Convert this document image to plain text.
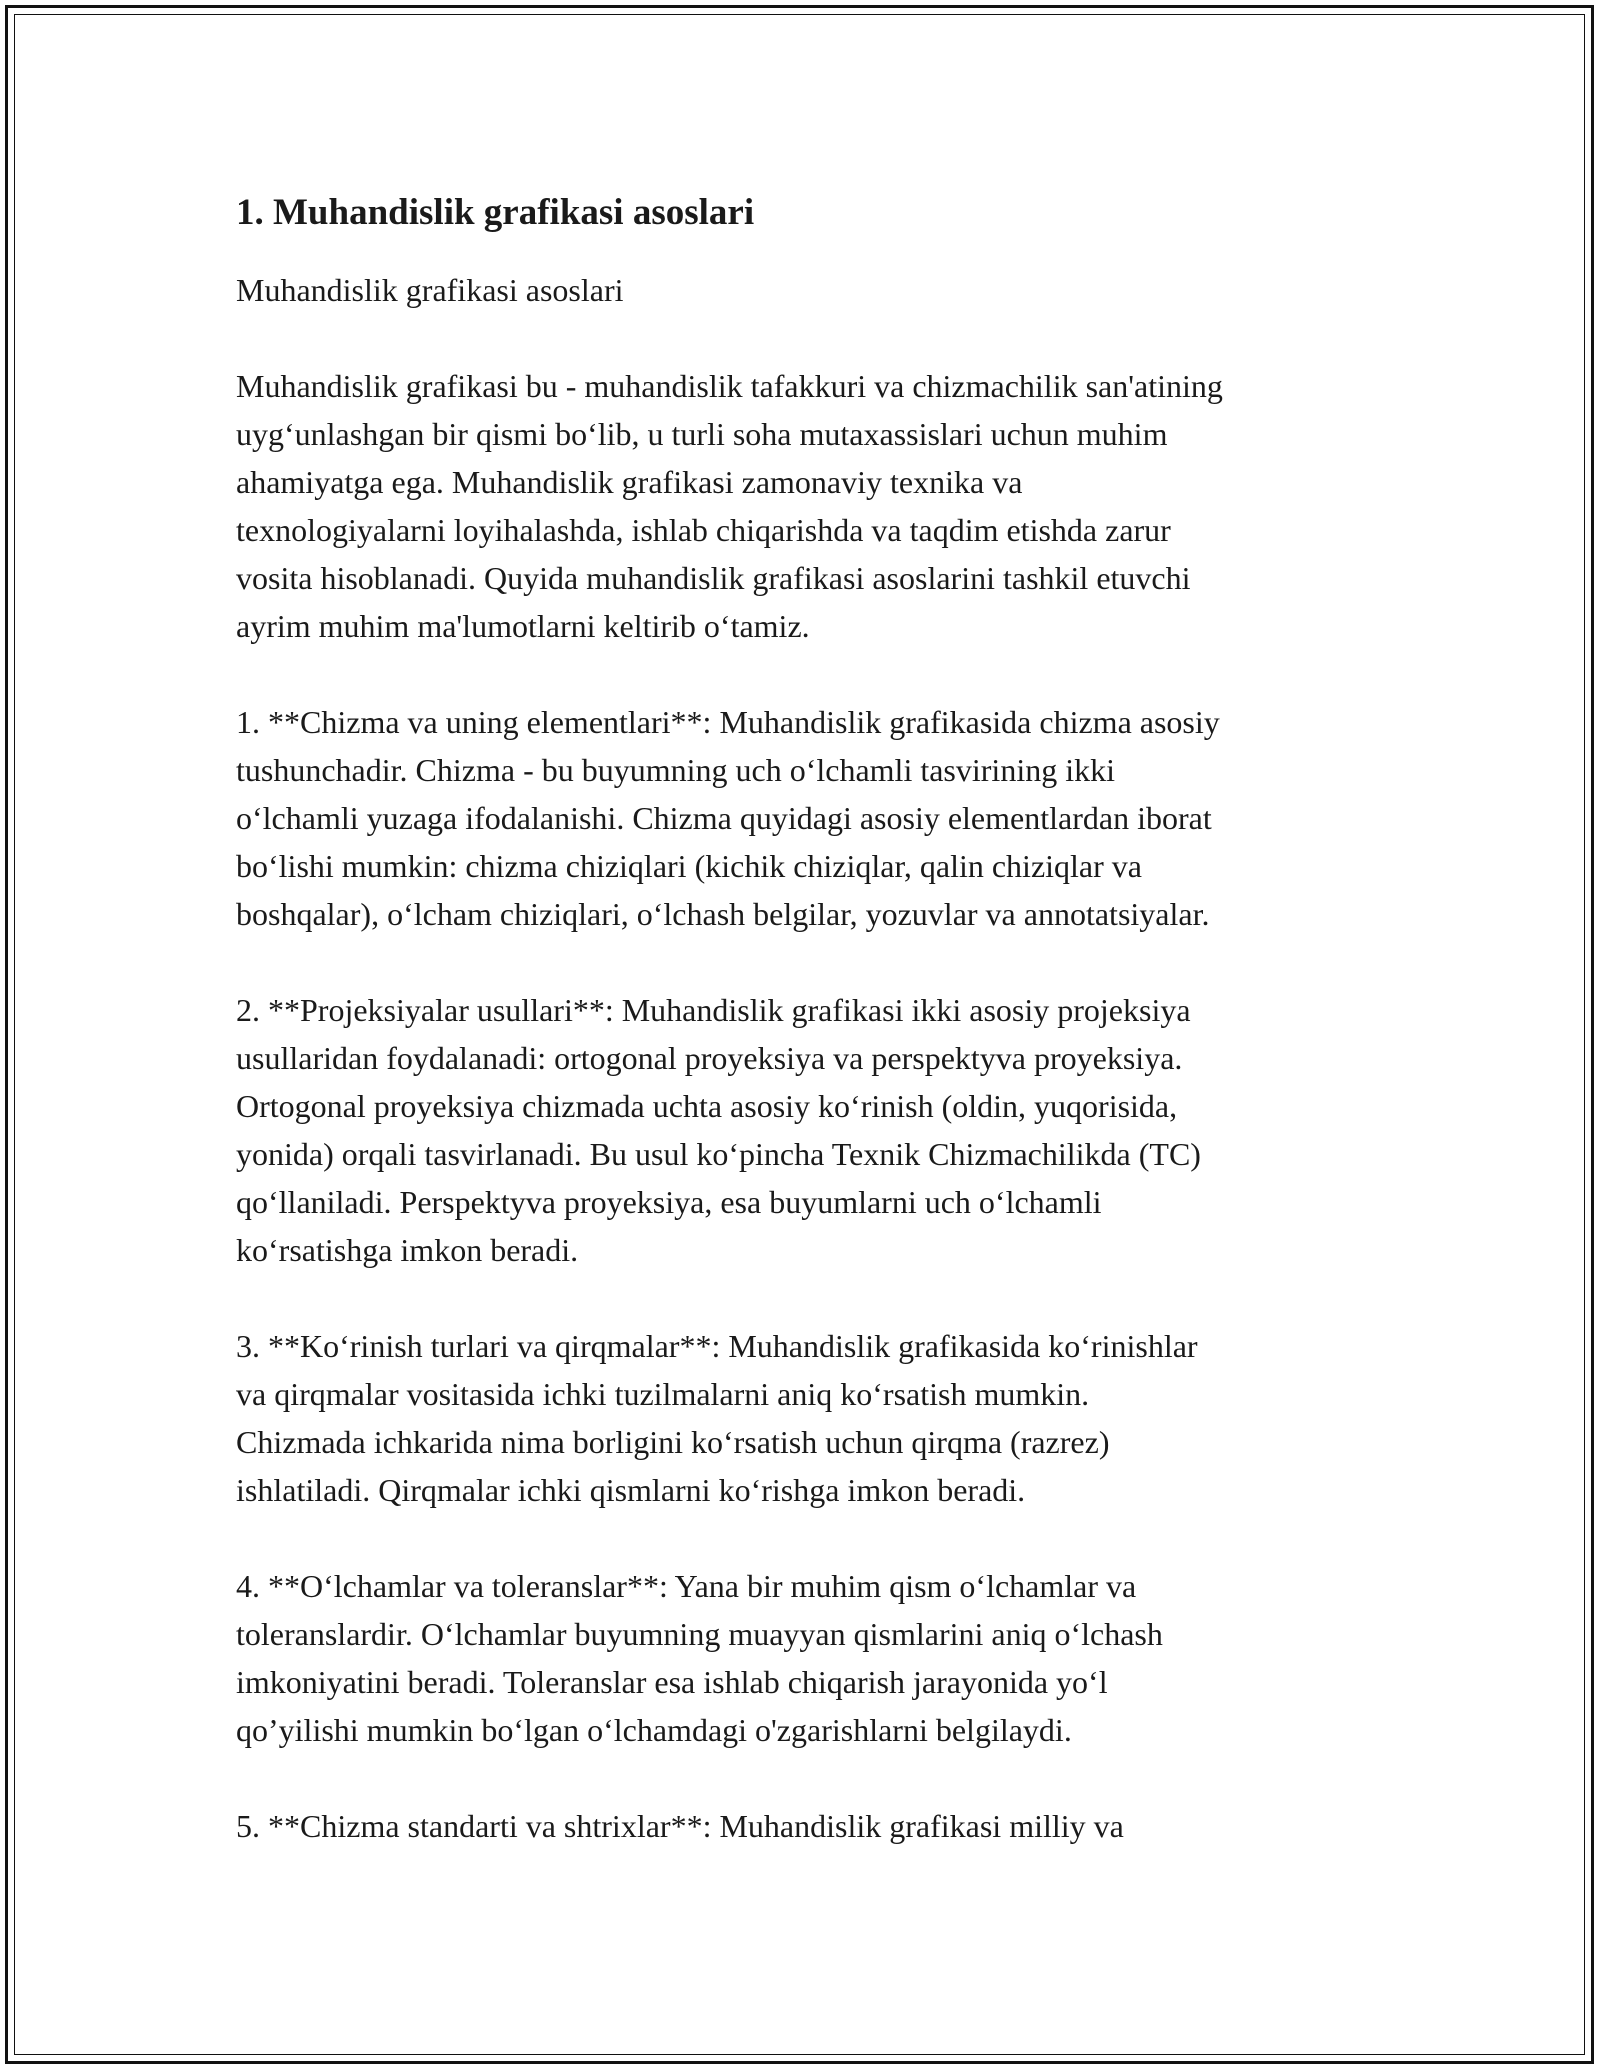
1. Muhandislik grafikasi asoslari
Muhandislik grafikasi asoslari
Muhandislik grafikasi bu - muhandislik tafakkuri va chizmachilik san'atining
uyg‘unlashgan bir qismi bo‘lib, u turli soha mutaxassislari uchun muhim
ahamiyatga ega. Muhandislik grafikasi zamonaviy texnika va
texnologiyalarni loyihalashda, ishlab chiqarishda va taqdim etishda zarur
vosita hisoblanadi. Quyida muhandislik grafikasi asoslarini tashkil etuvchi
ayrim muhim ma'lumotlarni keltirib o‘tamiz.
1. **Chizma va uning elementlari**: Muhandislik grafikasida chizma asosiy
tushunchadir. Chizma - bu buyumning uch o‘lchamli tasvirining ikki
o‘lchamli yuzaga ifodalanishi. Chizma quyidagi asosiy elementlardan iborat
bo‘lishi mumkin: chizma chiziqlari (kichik chiziqlar, qalin chiziqlar va
boshqalar), o‘lcham chiziqlari, o‘lchash belgilar, yozuvlar va annotatsiyalar.
2. **Projeksiyalar usullari**: Muhandislik grafikasi ikki asosiy projeksiya
usullaridan foydalanadi: ortogonal proyeksiya va perspektyva proyeksiya.
Ortogonal proyeksiya chizmada uchta asosiy ko‘rinish (oldin, yuqorisida,
yonida) orqali tasvirlanadi. Bu usul ko‘pincha Texnik Chizmachilikda (TC)
qo‘llaniladi. Perspektyva proyeksiya, esa buyumlarni uch o‘lchamli
ko‘rsatishga imkon beradi.
3. **Ko‘rinish turlari va qirqmalar**: Muhandislik grafikasida ko‘rinishlar
va qirqmalar vositasida ichki tuzilmalarni aniq ko‘rsatish mumkin.
Chizmada ichkarida nima borligini ko‘rsatish uchun qirqma (razrez)
ishlatiladi. Qirqmalar ichki qismlarni ko‘rishga imkon beradi.
4. **O‘lchamlar va toleranslar**: Yana bir muhim qism o‘lchamlar va
toleranslardir. O‘lchamlar buyumning muayyan qismlarini aniq o‘lchash
imkoniyatini beradi. Toleranslar esa ishlab chiqarish jarayonida yo‘l
qo’yilishi mumkin bo‘lgan o‘lchamdagi o'zgarishlarni belgilaydi.
5. **Chizma standarti va shtrixlar**: Muhandislik grafikasi milliy va
